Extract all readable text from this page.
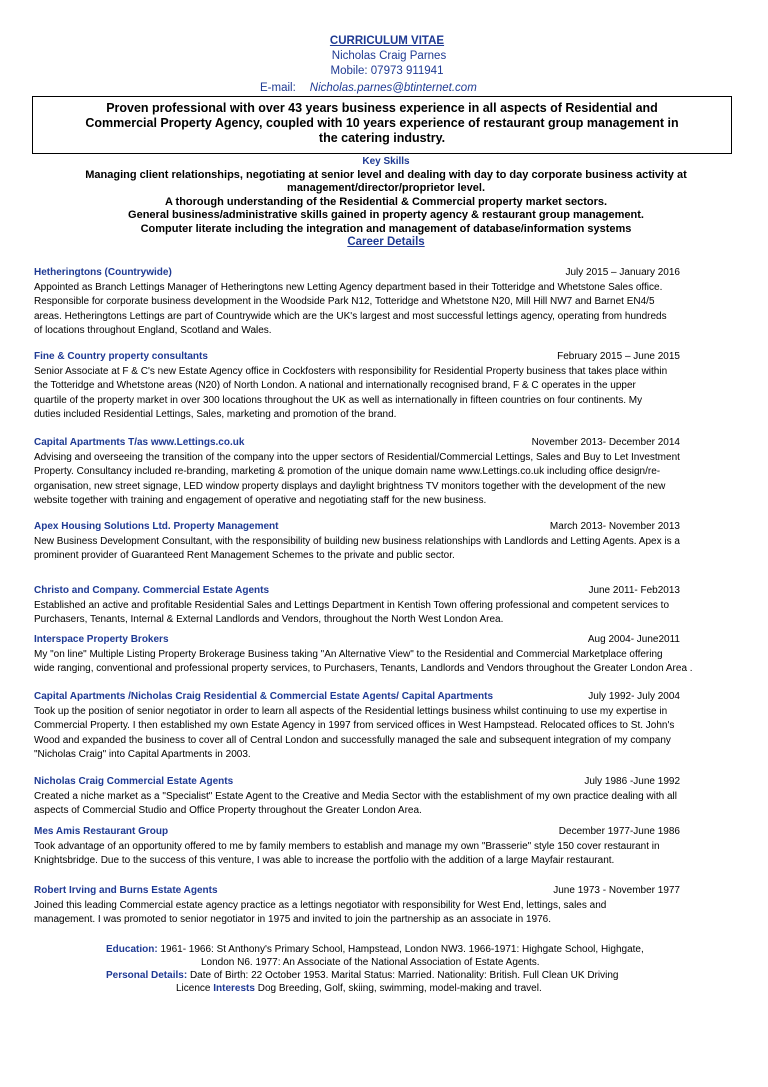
CURRICULUM VITAE
Nicholas Craig Parnes
Mobile: 07973 911941
E-mail: Nicholas.parnes@btinternet.com
Proven professional with over 43 years business experience in all aspects of Residential and
Commercial Property Agency, coupled with 10 years experience of restaurant group management in
the catering industry.
Key Skills
Managing client relationships, negotiating at senior level and dealing with day to day corporate business activity at
management/director/proprietor level.
A thorough understanding of the Residential & Commercial property market sectors.
General business/administrative skills gained in property agency & restaurant group management.
Computer literate including the integration and management of database/information systems
Career Details
Hetheringtons (Countrywide)	July 2015 – January 2016

Appointed as Branch Lettings Manager of Hetheringtons new Letting Agency department based in their Totteridge and Whetstone Sales office.

Responsible for corporate business development in the Woodside Park N12, Totteridge and Whetstone N20, Mill Hill NW7 and Barnet EN4/5

areas. Hetheringtons Lettings are part of Countrywide which are the UK's largest and most successful lettings agency, operating from hundreds

of locations throughout England, Scotland and Wales.

Fine & Country property consultants	February 2015 – June 2015

Senior Associate at F & C's new Estate Agency office in Cockfosters with responsibility for Residential Property business that takes place within

the Totteridge and Whetstone areas (N20) of North London. A national and internationally recognised brand, F & C operates in the upper

quartile of the property market in over 300 locations throughout the UK as well as internationally in fifteen countries on four continents. My

duties included Residential Lettings, Sales, marketing and promotion of the brand.

Capital Apartments T/as www.Lettings.co.uk	November 2013- December 2014

Advising and overseeing the transition of the company into the upper sectors of Residential/Commercial Lettings, Sales and Buy to Let Investment

Property. Consultancy included re-branding, marketing & promotion of the unique domain name www.Lettings.co.uk including office design/re-

organisation, new street signage, LED window property displays and daylight brightness TV monitors together with the development of the new

website together with training and engagement of operative and negotiating staff for the new business.

Apex Housing Solutions Ltd. Property Management	March 2013- November 2013

New Business Development Consultant, with the responsibility of building new business relationships with Landlords and Letting Agents. Apex is a

prominent provider of Guaranteed Rent Management Schemes to the private and public sector.

Christo and Company. Commercial Estate Agents	June 2011- Feb2013

Established an active and profitable Residential Sales and Lettings Department in Kentish Town offering professional and competent services to

Purchasers, Tenants, Internal & External Landlords and Vendors, throughout the North West London Area.

Interspace Property Brokers	Aug 2004- June2011

My "on line" Multiple Listing Property Brokerage Business taking "An Alternative View" to the Residential and Commercial Marketplace offering

wide ranging, conventional and professional property services, to Purchasers, Tenants, Landlords and Vendors throughout the Greater London Area .

Capital Apartments /Nicholas Craig Residential & Commercial Estate Agents/ Capital Apartments	July 1992- July 2004

Took up the position of senior negotiator in order to learn all aspects of the Residential lettings business whilst continuing to use my expertise in

Commercial Property. I then established my own Estate Agency in 1997 from serviced offices in West Hampstead. Relocated offices to St. John's

Wood and expanded the business to cover all of Central London and successfully managed the sale and subsequent integration of my company

"Nicholas Craig" into Capital Apartments in 2003.

Nicholas Craig Commercial Estate Agents	July 1986 -June 1992

Created a niche market as a "Specialist" Estate Agent to the Creative and Media Sector with the establishment of my own practice dealing with all

aspects of Commercial Studio and Office Property throughout the Greater London Area.

Mes Amis Restaurant Group	December 1977-June 1986

Took advantage of an opportunity offered to me by family members to establish and manage my own "Brasserie" style 150 cover restaurant in

Knightsbridge. Due to the success of this venture, I was able to increase the portfolio with the addition of a large Mayfair restaurant.

Robert Irving and Burns Estate Agents	June 1973 - November 1977

Joined this leading Commercial estate agency practice as a lettings negotiator with responsibility for West End, lettings, sales and

management. I was promoted to senior negotiator in 1975 and invited to join the partnership as an associate in 1976.

Education: 1961- 1966: St Anthony's Primary School, Hampstead, London NW3. 1966-1971: Highgate School, Highgate,
London N6. 1977: An Associate of the National Association of Estate Agents.
Personal Details: Date of Birth: 22 October 1953. Marital Status: Married. Nationality: British. Full Clean UK Driving
Licence Interests Dog Breeding, Golf, skiing, swimming, model-making and travel.
